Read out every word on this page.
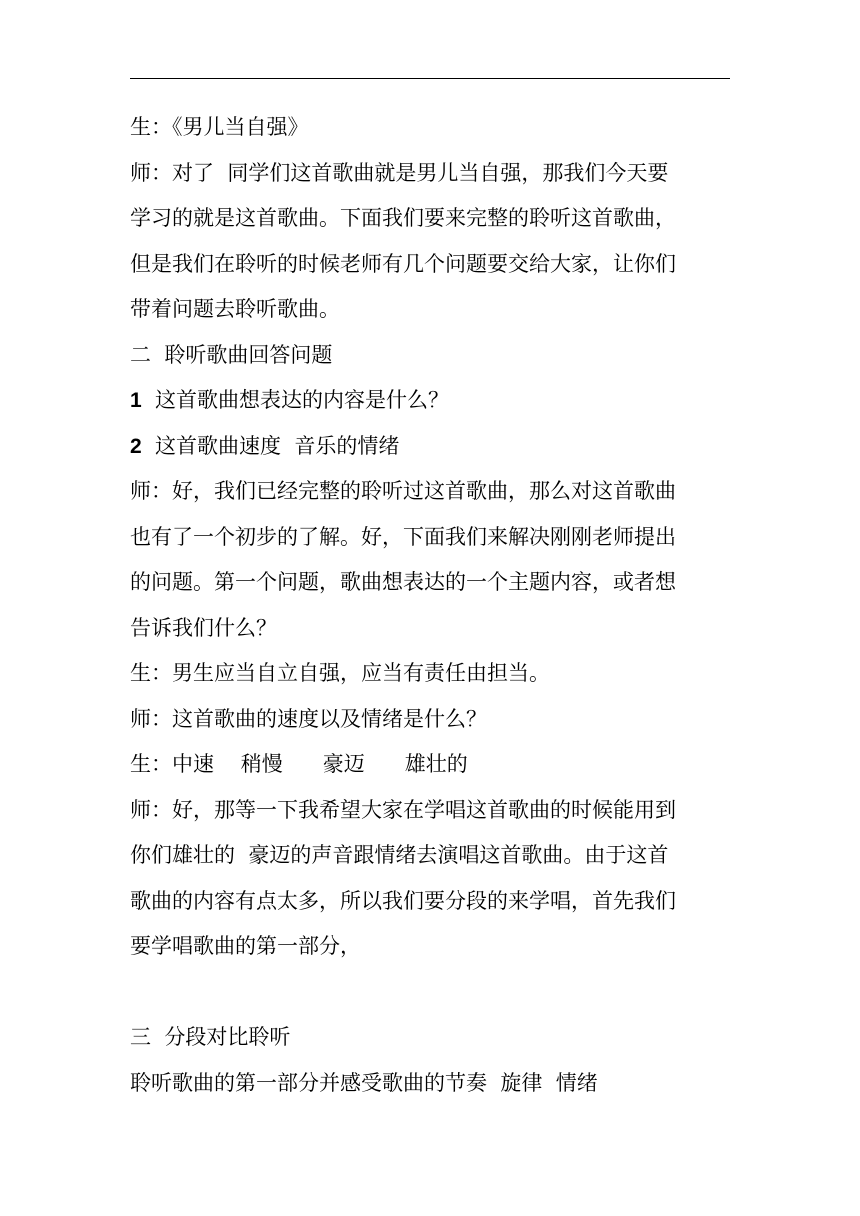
生：《男儿当自强》

师：对了  同学们这首歌曲就是男儿当自强，那我们今天要

学习的就是这首歌曲。下面我们要来完整的聆听这首歌曲，

但是我们在聆听的时候老师有几个问题要交给大家，让你们

带着问题去聆听歌曲。

二  聆听歌曲回答问题

1  这首歌曲想表达的内容是什么？

2  这首歌曲速度  音乐的情绪

师：好，我们已经完整的聆听过这首歌曲，那么对这首歌曲

也有了一个初步的了解。好，下面我们来解决刚刚老师提出

的问题。第一个问题，歌曲想表达的一个主题内容，或者想

告诉我们什么？

生：男生应当自立自强，应当有责任由担当。

师：这首歌曲的速度以及情绪是什么？

生：中速    稍慢      豪迈      雄壮的

师：好，那等一下我希望大家在学唱这首歌曲的时候能用到

你们雄壮的  豪迈的声音跟情绪去演唱这首歌曲。由于这首

歌曲的内容有点太多，所以我们要分段的来学唱，首先我们

要学唱歌曲的第一部分，

三  分段对比聆听

聆听歌曲的第一部分并感受歌曲的节奏  旋律  情绪
